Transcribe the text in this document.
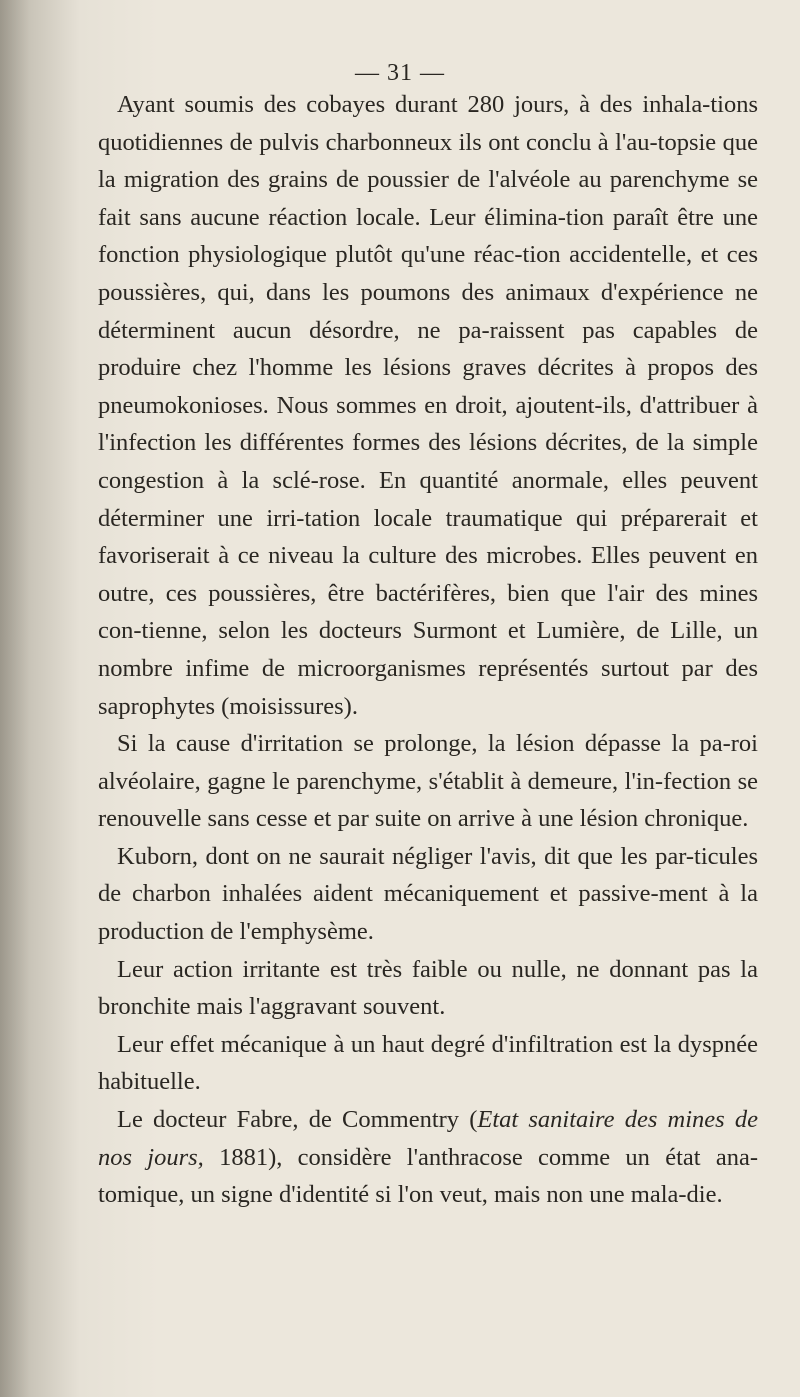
— 31 —

Ayant soumis des cobayes durant 280 jours, à des inhala-tions quotidiennes de pulvis charbonneux ils ont conclu à l'au-topsie que la migration des grains de poussier de l'alvéole au parenchyme se fait sans aucune réaction locale. Leur élimina-tion paraît être une fonction physiologique plutôt qu'une réac-tion accidentelle, et ces poussières, qui, dans les poumons des animaux d'expérience ne déterminent aucun désordre, ne pa-raissent pas capables de produire chez l'homme les lésions graves décrites à propos des pneumokonioses. Nous sommes en droit, ajoutent-ils, d'attribuer à l'infection les différentes formes des lésions décrites, de la simple congestion à la sclé-rose. En quantité anormale, elles peuvent déterminer une irri-tation locale traumatique qui préparerait et favoriserait à ce niveau la culture des microbes. Elles peuvent en outre, ces poussières, être bactérifères, bien que l'air des mines con-tienne, selon les docteurs Surmont et Lumière, de Lille, un nombre infime de microorganismes représentés surtout par des saprophytes (moisissures).

Si la cause d'irritation se prolonge, la lésion dépasse la pa-roi alvéolaire, gagne le parenchyme, s'établit à demeure, l'in-fection se renouvelle sans cesse et par suite on arrive à une lésion chronique.

Kuborn, dont on ne saurait négliger l'avis, dit que les par-ticules de charbon inhalées aident mécaniquement et passive-ment à la production de l'emphysème.

Leur action irritante est très faible ou nulle, ne donnant pas la bronchite mais l'aggravant souvent.

Leur effet mécanique à un haut degré d'infiltration est la dyspnée habituelle.

Le docteur Fabre, de Commentry (Etat sanitaire des mines de nos jours, 1881), considère l'anthracose comme un état ana-tomique, un signe d'identité si l'on veut, mais non une mala-die.
